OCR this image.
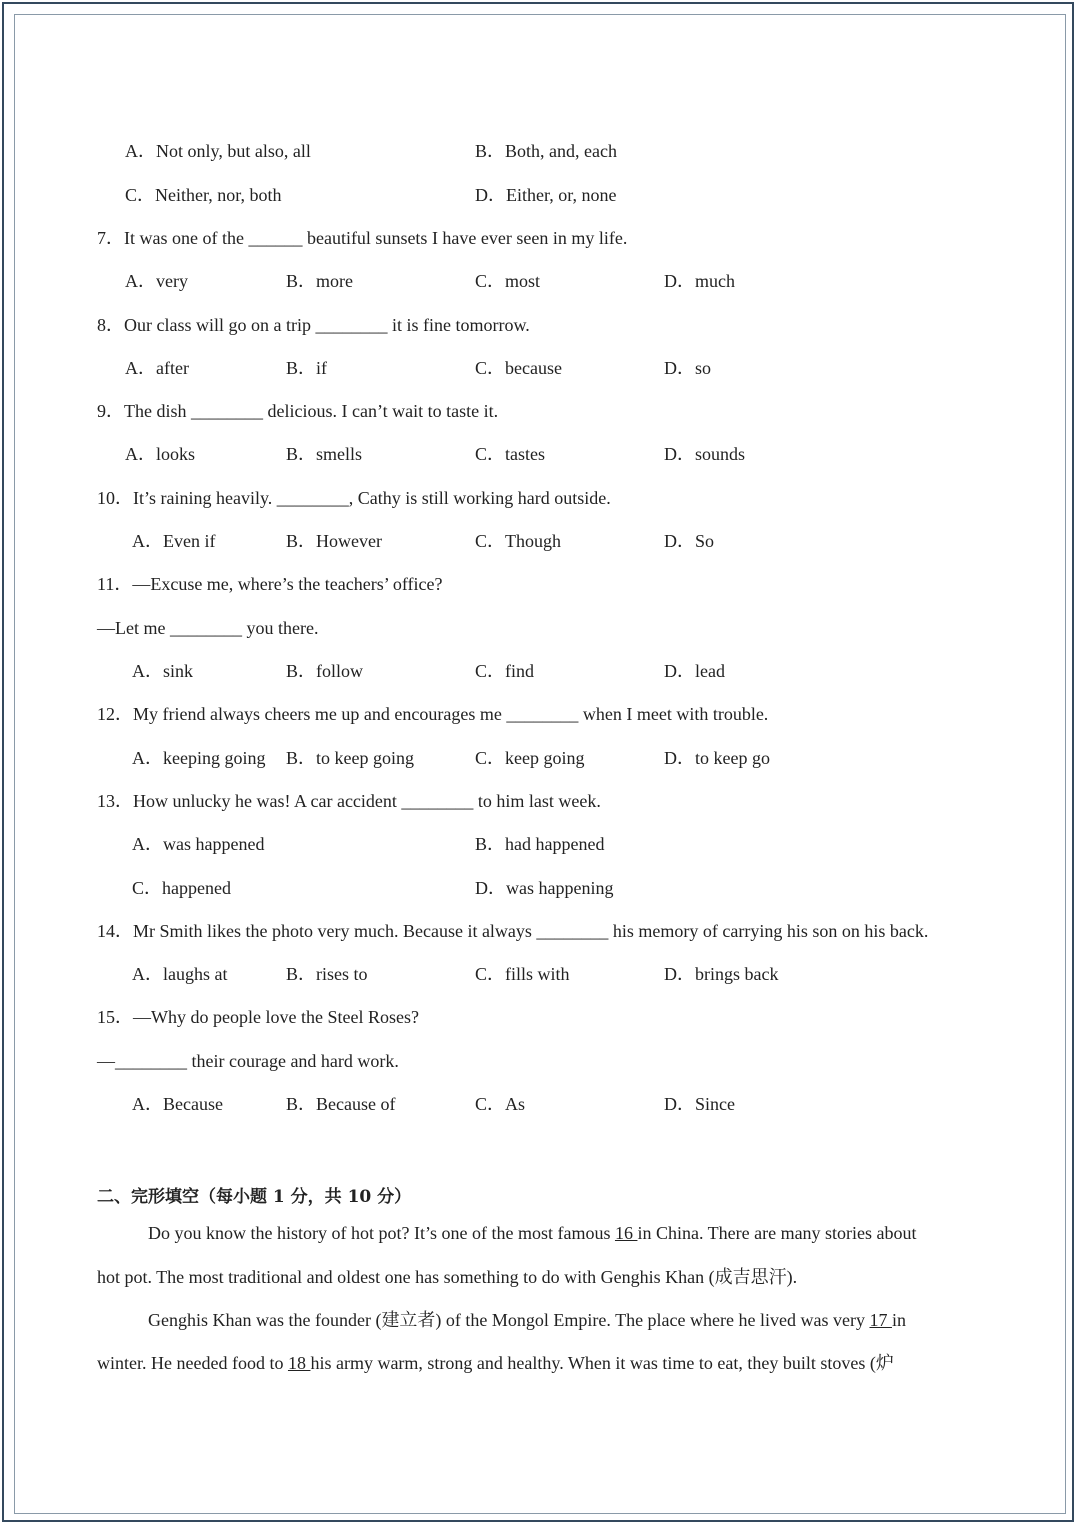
A．Not only, but also, all	B．Both, and, each
C．Neither, nor, both	D．Either, or, none
7．It was one of the ______ beautiful sunsets I have ever seen in my life.
A．very	B．more	C．most	D．much
8．Our class will go on a trip ________ it is fine tomorrow.
A．after	B．if	C．because	D．so
9．The dish ________ delicious. I can’t wait to taste it.
A．looks	B．smells	C．tastes	D．sounds
10．It’s raining heavily. ________, Cathy is still working hard outside.
A．Even if	B．However	C．Though	D．So
11．—Excuse me, where’s the teachers’ office?
—Let me ________ you there.
A．sink	B．follow	C．find	D．lead
12．My friend always cheers me up and encourages me ________ when I meet with trouble.
A．keeping going B．to keep going	C．keep going	D．to keep go
13．How unlucky he was! A car accident ________ to him last week.
A．was happened	B．had happened
C．happened	D．was happening
14．Mr Smith likes the photo very much. Because it always ________ his memory of carrying his son on his back.
A．laughs at	B．rises to	C．fills with	D．brings back
15．—Why do people love the Steel Roses?
—________ their courage and hard work.
A．Because	B．Because of	C．As	D．Since
二、完形填空（每小题 1 分，共 10 分）
Do you know the history of hot pot? It’s one of the most famous 16 in China. There are many stories about
hot pot. The most traditional and oldest one has something to do with Genghis Khan (成吉思汗).
Genghis Khan was the founder (建立者) of the Mongol Empire. The place where he lived was very 17 in
winter. He needed food to 18 his army warm, strong and healthy. When it was time to eat, they built stoves (炉
